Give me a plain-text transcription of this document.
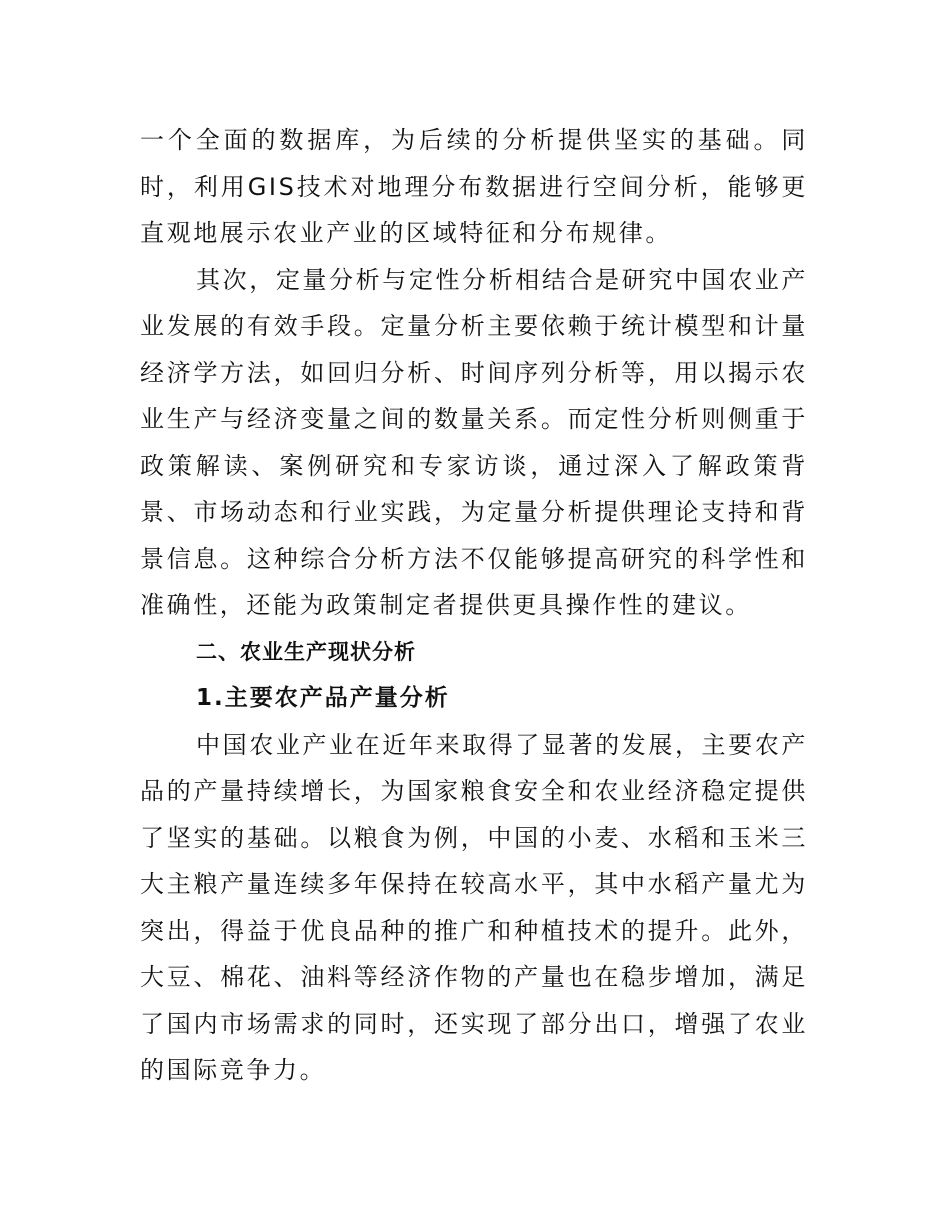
一个全面的数据库，为后续的分析提供坚实的基础。同时，利用GIS技术对地理分布数据进行空间分析，能够更直观地展示农业产业的区域特征和分布规律。

其次，定量分析与定性分析相结合是研究中国农业产业发展的有效手段。定量分析主要依赖于统计模型和计量经济学方法，如回归分析、时间序列分析等，用以揭示农业生产与经济变量之间的数量关系。而定性分析则侧重于政策解读、案例研究和专家访谈，通过深入了解政策背景、市场动态和行业实践，为定量分析提供理论支持和背景信息。这种综合分析方法不仅能够提高研究的科学性和准确性，还能为政策制定者提供更具操作性的建议。

二、农业生产现状分析
1.主要农产品产量分析

中国农业产业在近年来取得了显著的发展，主要农产品的产量持续增长，为国家粮食安全和农业经济稳定提供了坚实的基础。以粮食为例，中国的小麦、水稻和玉米三大主粮产量连续多年保持在较高水平，其中水稻产量尤为突出，得益于优良品种的推广和种植技术的提升。此外，大豆、棉花、油料等经济作物的产量也在稳步增加，满足了国内市场需求的同时，还实现了部分出口，增强了农业的国际竞争力。
